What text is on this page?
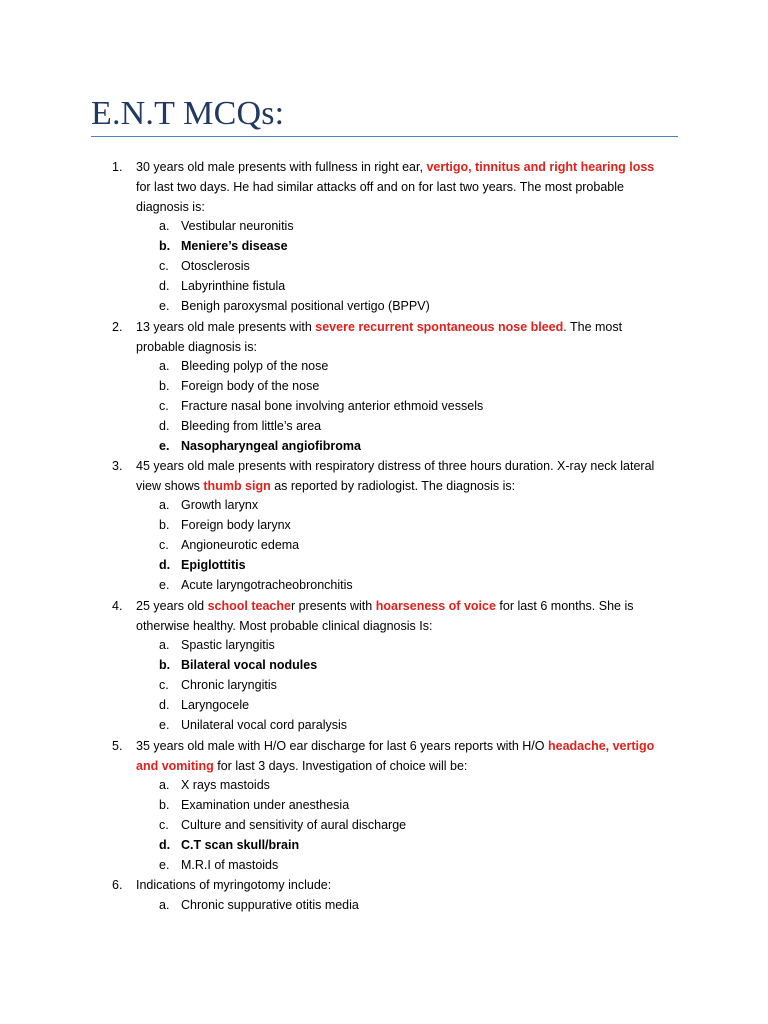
E.N.T MCQs:
1. 30 years old male presents with fullness in right ear, vertigo, tinnitus and right hearing loss for last two days. He had similar attacks off and on for last two years. The most probable diagnosis is:
a. Vestibular neuronitis
b. Meniere’s disease
c. Otosclerosis
d. Labyrinthine fistula
e. Benigh paroxysmal positional vertigo (BPPV)
2. 13 years old male presents with severe recurrent spontaneous nose bleed. The most probable diagnosis is:
a. Bleeding polyp of the nose
b. Foreign body of the nose
c. Fracture nasal bone involving anterior ethmoid vessels
d. Bleeding from little’s area
e. Nasopharyngeal angiofibroma
3. 45 years old male presents with respiratory distress of three hours duration. X-ray neck lateral view shows thumb sign as reported by radiologist. The diagnosis is:
a. Growth larynx
b. Foreign body larynx
c. Angioneurotic edema
d. Epiglottitis
e. Acute laryngotracheobronchitis
4. 25 years old school teacher presents with hoarseness of voice for last 6 months. She is otherwise healthy. Most probable clinical diagnosis Is:
a. Spastic laryngitis
b. Bilateral vocal nodules
c. Chronic laryngitis
d. Laryngocele
e. Unilateral vocal cord paralysis
5. 35 years old male with H/O ear discharge for last 6 years reports with H/O headache, vertigo and vomiting for last 3 days. Investigation of choice will be:
a. X rays mastoids
b. Examination under anesthesia
c. Culture and sensitivity of aural discharge
d. C.T scan skull/brain
e. M.R.I of mastoids
6. Indications of myringotomy include:
a. Chronic suppurative otitis media
